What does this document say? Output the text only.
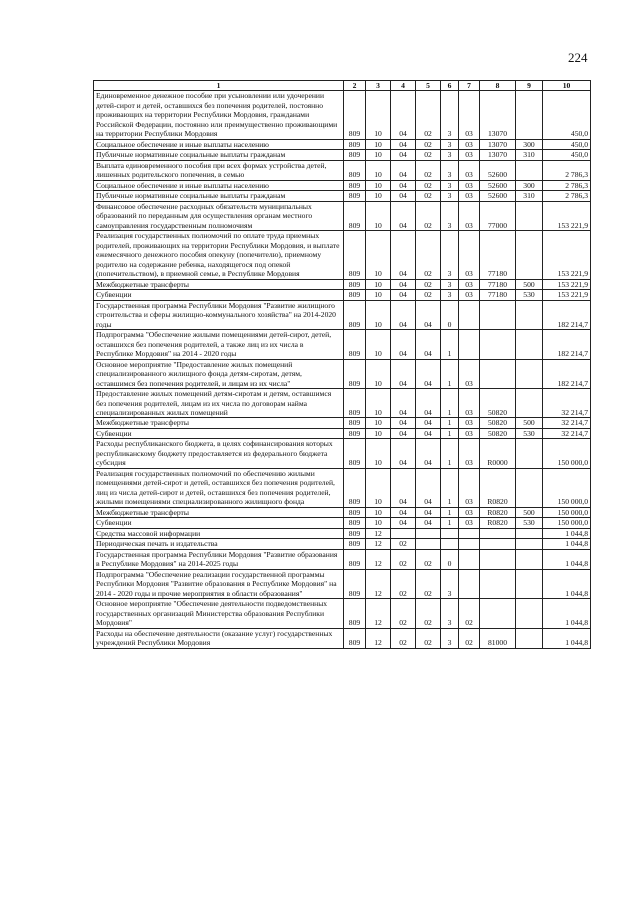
224
1	2	3	4	5	6	7	8	9	10
Единовременное денежное пособие при усыновлении или удочерении детей-сирот и детей, оставшихся без попечения родителей, постоянно проживающих на территории Республики Мордовия, гражданами Российской Федерации, постоянно или преимущественно проживающими на территории Республики Мордовия	809	10	04	02	3	03	13070		450,0
Социальное обеспечение и иные выплаты населению	809	10	04	02	3	03	13070	300	450,0
Публичные нормативные социальные выплаты гражданам	809	10	04	02	3	03	13070	310	450,0
Выплата единовременного пособия при всех формах устройства детей, лишенных родительского попечения, в семью	809	10	04	02	3	03	52600		2 786,3
Социальное обеспечение и иные выплаты населению	809	10	04	02	3	03	52600	300	2 786,3
Публичные нормативные социальные выплаты гражданам	809	10	04	02	3	03	52600	310	2 786,3
Финансовое обеспечение расходных обязательств муниципальных образований по переданным для осуществления органам местного самоуправления государственным полномочиям	809	10	04	02	3	03	77000		153 221,9
Реализация государственных полномочий по оплате труда приемных родителей, проживающих на территории Республики Мордовия, и выплате ежемесячного денежного пособия опекуну (попечителю), приемному родителю на содержание ребенка, находящегося под опекой (попечительством), в приемной семье, в Республике Мордовия	809	10	04	02	3	03	77180		153 221,9
Межбюджетные трансферты	809	10	04	02	3	03	77180	500	153 221,9
Субвенции	809	10	04	02	3	03	77180	530	153 221,9
Государственная программа Республики Мордовия "Развитие жилищного строительства и сферы жилищно-коммунального хозяйства" на 2014-2020 годы	809	10	04	04	0				182 214,7
Подпрограмма "Обеспечение жилыми помещениями детей-сирот, детей, оставшихся без попечения родителей, а также лиц из их числа в Республике Мордовия" на 2014 - 2020 годы	809	10	04	04	1				182 214,7
Основное мероприятие "Предоставление жилых помещений специализированного жилищного фонда детям-сиротам, детям, оставшимся без попечения родителей, и лицам из их числа"	809	10	04	04	1	03			182 214,7
Предоставление жилых помещений детям-сиротам и детям, оставшимся без попечения родителей, лицам из их числа по договорам найма специализированных жилых помещений	809	10	04	04	1	03	50820		32 214,7
Межбюджетные трансферты	809	10	04	04	1	03	50820	500	32 214,7
Субвенции	809	10	04	04	1	03	50820	530	32 214,7
Расходы республиканского бюджета, в целях софинансирования которых республиканскому бюджету предоставляется из федерального бюджета субсидия	809	10	04	04	1	03	R0000		150 000,0
Реализация государственных полномочий по обеспечению жилыми помещениями детей-сирот и детей, оставшихся без попечения родителей, лиц из числа детей-сирот и детей, оставшихся без попечения родителей, жилыми помещениями специализированного жилищного фонда	809	10	04	04	1	03	R0820		150 000,0
Межбюджетные трансферты	809	10	04	04	1	03	R0820	500	150 000,0
Субвенции	809	10	04	04	1	03	R0820	530	150 000,0
Средства массовой информации	809	12							1 044,8
Периодическая печать и издательства	809	12	02						1 044,8
Государственная программа Республики Мордовия "Развитие образования в Республике Мордовия" на 2014-2025 годы	809	12	02	02	0				1 044,8
Подпрограмма "Обеспечение реализации государственной программы Республики Мордовия "Развитие образования в Республике Мордовия" на 2014 - 2020 годы и прочие мероприятия в области образования"	809	12	02	02	3				1 044,8
Основное мероприятие "Обеспечение деятельности подведомственных государственных организаций Министерства образования Республики Мордовия"	809	12	02	02	3	02			1 044,8
Расходы на обеспечение деятельности (оказание услуг) государственных учреждений Республики Мордовия	809	12	02	02	3	02	81000		1 044,8
